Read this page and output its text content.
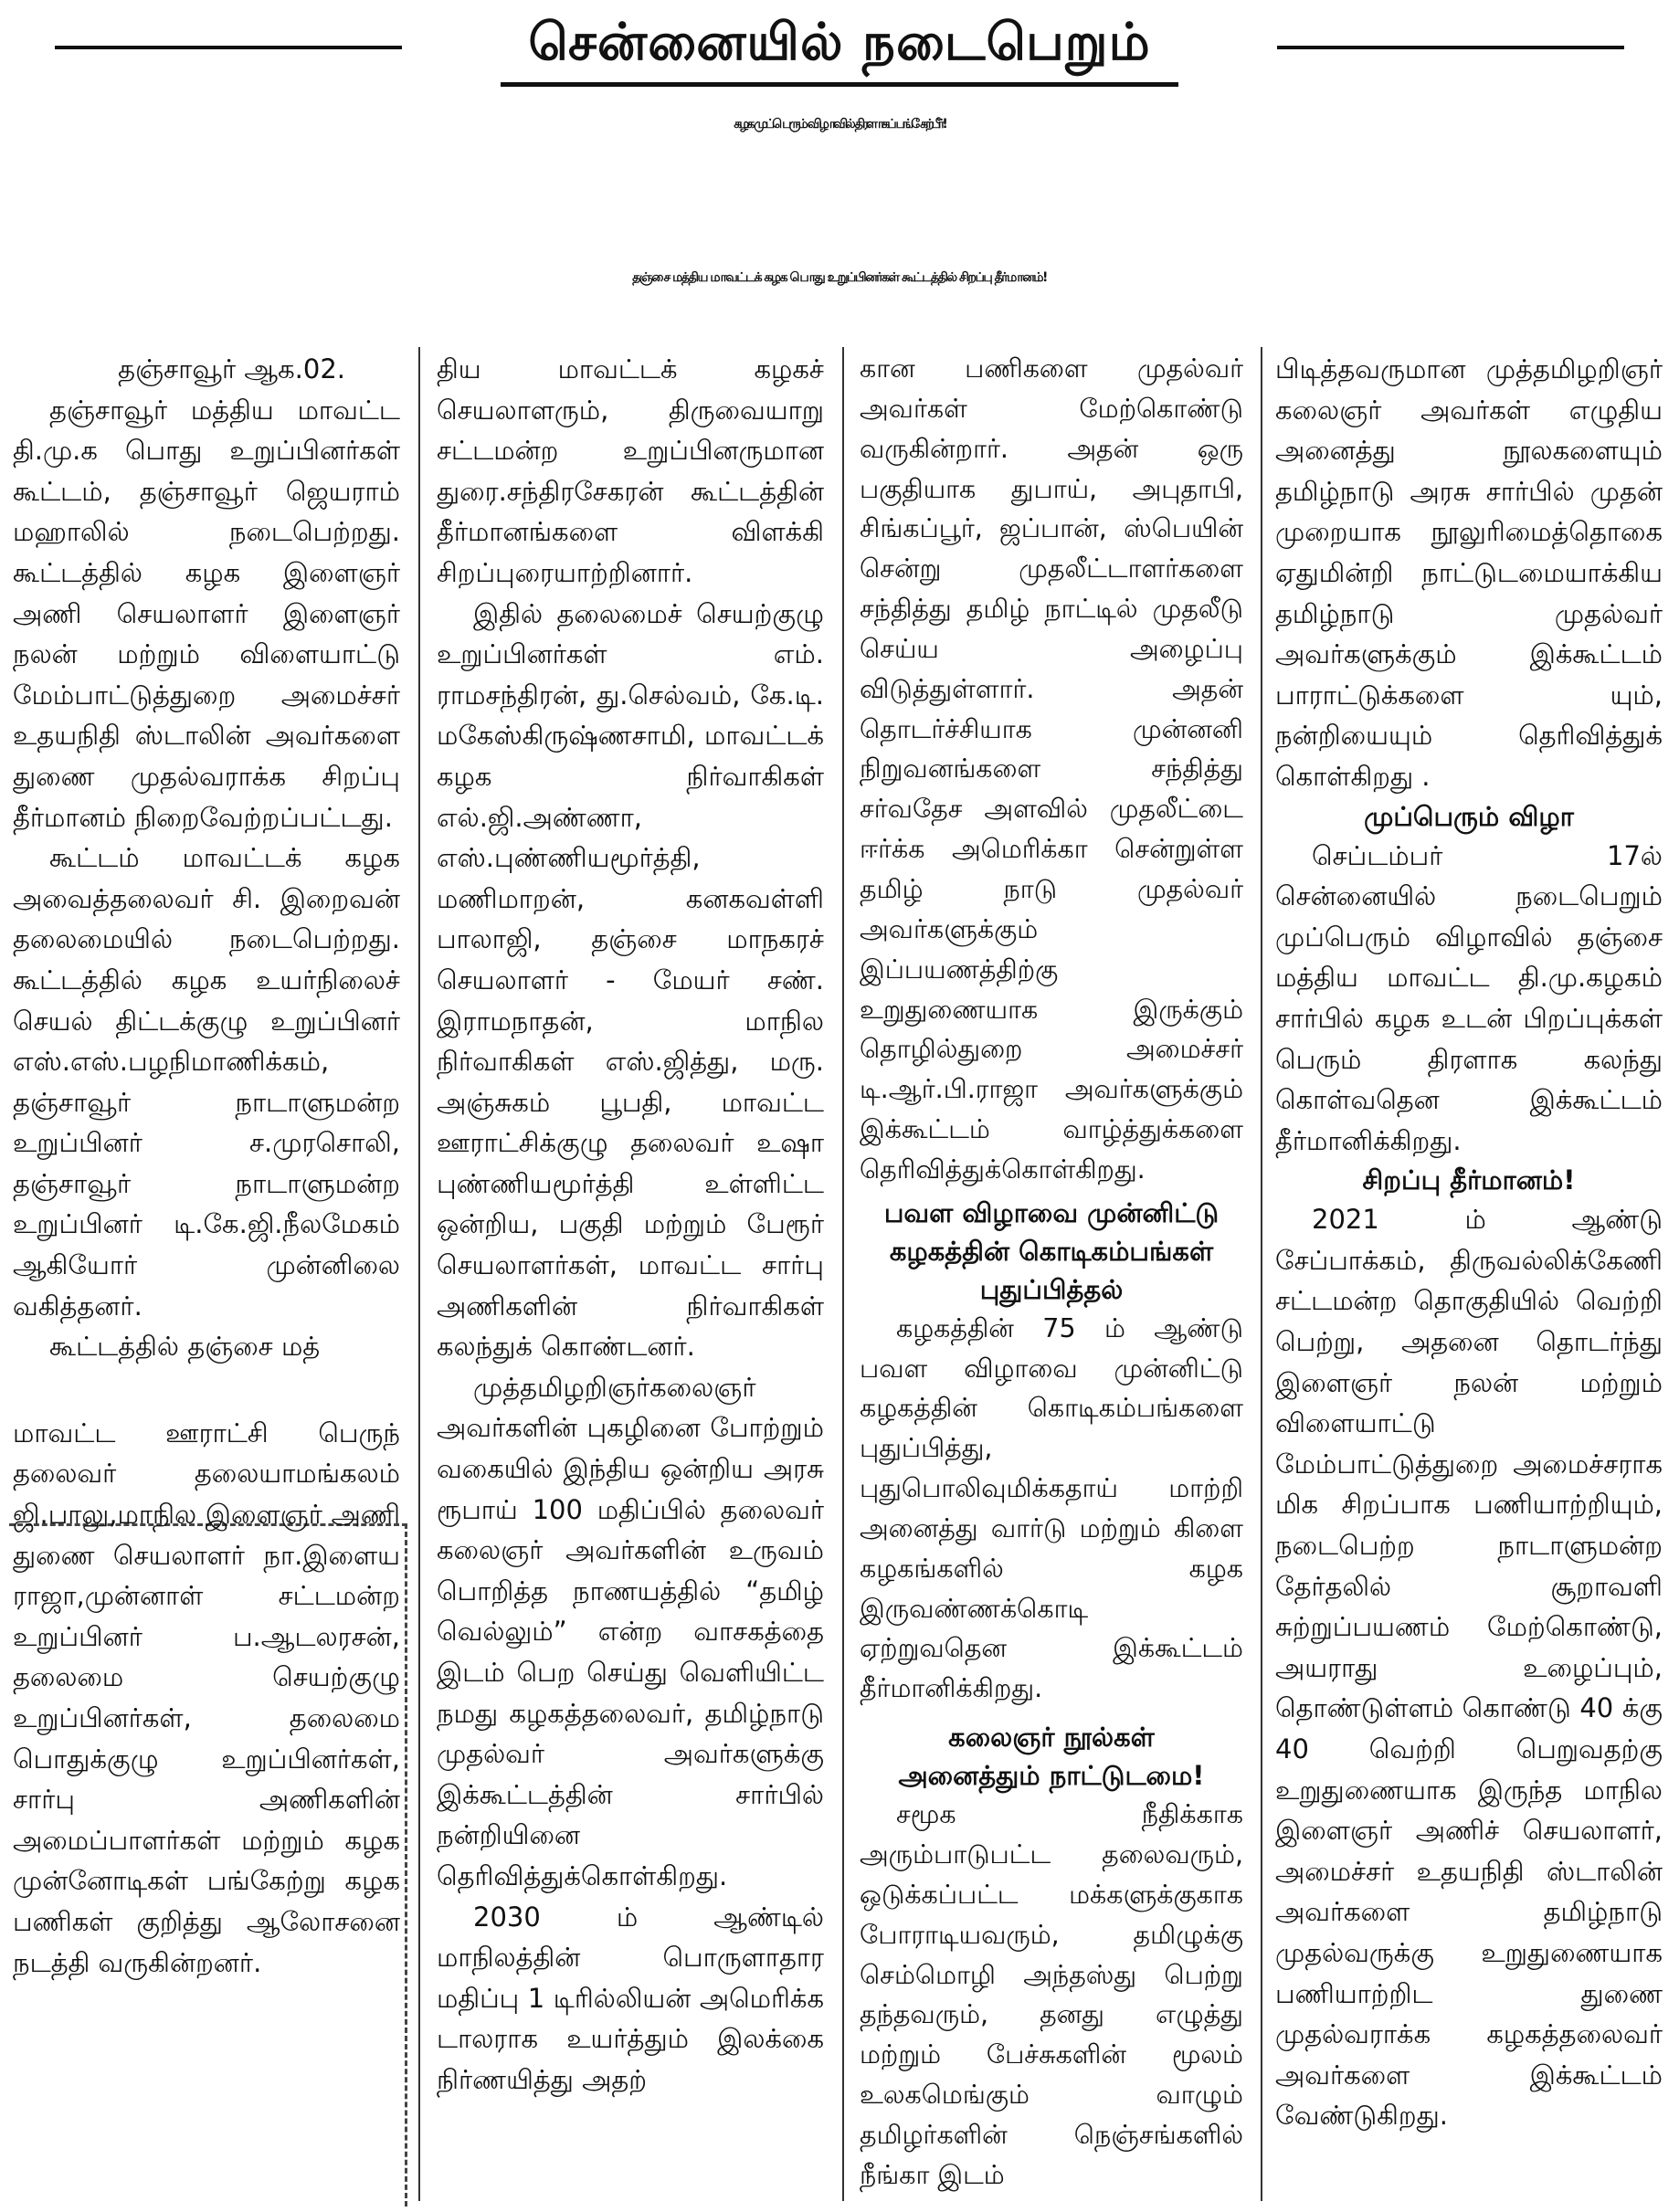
சென்னையில் நடைபெறும்
கழக முப்பெரும் விழாவில் திரளாகப் பங்கேற்பீர்!
தஞ்சை மத்திய மாவட்டக் கழக பொது உறுப்பினர்கள் கூட்டத்தில் சிறப்பு தீர்மானம்!

தஞ்சாவூர் ஆக.02.

தஞ்சாவூர் மத்திய மாவட்ட தி.மு.க பொது உறுப்பினர்கள் கூட்டம், தஞ்சாவூர் ஜெயராம் மஹாலில் நடைபெற்றது. கூட்டத்தில் கழக இளைஞர் அணி செயலாளர் இளைஞர் நலன் மற்றும் விளையாட்டு மேம்பாட்டுத்துறை அமைச்சர் உதயநிதி ஸ்டாலின் அவர்களை துணை முதல்வராக்க சிறப்பு தீர்மானம் நிறைவேற்றப்பட்டது.

கூட்டம் மாவட்டக் கழக அவைத்தலைவர் சி. இறைவன் தலைமையில் நடைபெற்றது. கூட்டத்தில் கழக உயர்நிலைச் செயல் திட்டக்குழு உறுப்பினர் எஸ்.எஸ்.பழநிமாணிக்கம், தஞ்சாவூர் நாடாளுமன்ற உறுப்பினர் ச.முரசொலி, தஞ்சாவூர் நாடாளுமன்ற உறுப்பினர் டி.கே.ஜி.நீலமேகம் ஆகியோர் முன்னிலை வகித்தனர்.

கூட்டத்தில் தஞ்சை மத்

மாவட்ட ஊராட்சி பெருந் தலைவர் தலையாமங்கலம் ஜி.பாலு,மாநில இளைஞர் அணி துணை செயலாளர் நா.இளைய ராஜா,முன்னாள் சட்டமன்ற உறுப்பினர் ப.ஆடலரசன், தலைமை செயற்குழு உறுப்பினர்கள், தலைமை பொதுக்குழு உறுப்பினர்கள், சார்பு அணிகளின் அமைப்பாளர்கள் மற்றும் கழக முன்னோடிகள் பங்கேற்று கழக பணிகள் குறித்து ஆலோசனை நடத்தி வருகின்றனர்.

திய மாவட்டக் கழகச் செயலாளரும், திருவையாறு சட்டமன்ற உறுப்பினருமான துரை.சந்திரசேகரன் கூட்டத்தின் தீர்மானங்களை விளக்கி சிறப்புரையாற்றினார்.

இதில் தலைமைச் செயற்குழு உறுப்பினர்கள் எம். ராமசந்திரன், து.செல்வம், கே.டி. மகேஸ்கிருஷ்ணசாமி, மாவட்டக் கழக நிர்வாகிகள் எல்.ஜி.அண்ணா, எஸ்.புண்ணியமூர்த்தி, மணிமாறன், கனகவள்ளி பாலாஜி, தஞ்சை மாநகரச் செயலாளர் - மேயர் சண். இராமநாதன், மாநில நிர்வாகிகள் எஸ்.ஜித்து, மரு. அஞ்சுகம் பூபதி, மாவட்ட ஊராட்சிக்குழு தலைவர் உஷா புண்ணியமூர்த்தி உள்ளிட்ட ஒன்றிய, பகுதி மற்றும் பேரூர் செயலாளர்கள், மாவட்ட சார்பு அணிகளின் நிர்வாகிகள் கலந்துக் கொண்டனர்.

முத்தமிழறிஞர்கலைஞர் அவர்களின் புகழினை போற்றும் வகையில் இந்திய ஒன்றிய அரசு ரூபாய் 100 மதிப்பில் தலைவர் கலைஞர் அவர்களின் உருவம் பொறித்த நாணயத்தில் “தமிழ் வெல்லும்” என்ற வாசகத்தை இடம் பெற செய்து வெளியிட்ட நமது கழகத்தலைவர், தமிழ்நாடு முதல்வர் அவர்களுக்கு இக்கூட்டத்தின் சார்பில் நன்றியினை தெரிவித்துக்கொள்கிறது.

2030 ம் ஆண்டில் மாநிலத்தின் பொருளாதார மதிப்பு 1 டிரில்லியன் அமெரிக்க டாலராக உயர்த்தும் இலக்கை நிர்ணயித்து அதற்

கான பணிகளை முதல்வர் அவர்கள் மேற்கொண்டு வருகின்றார். அதன் ஒரு பகுதியாக துபாய், அபுதாபி, சிங்கப்பூர், ஜப்பான், ஸ்பெயின் சென்று முதலீட்டாளர்களை சந்தித்து தமிழ் நாட்டில் முதலீடு செய்ய அழைப்பு விடுத்துள்ளார். அதன் தொடர்ச்சியாக முன்னனி நிறுவனங்களை சந்தித்து சர்வதேச அளவில் முதலீட்டை ஈர்க்க அமெரிக்கா சென்றுள்ள தமிழ் நாடு முதல்வர் அவர்களுக்கும் இப்பயணத்திற்கு உறுதுணையாக இருக்கும் தொழில்துறை அமைச்சர் டி.ஆர்.பி.ராஜா அவர்களுக்கும் இக்கூட்டம் வாழ்த்துக்களை தெரிவித்துக்கொள்கிறது.

பவள விழாவை முன்னிட்டு
கழகத்தின் கொடிகம்பங்கள்
புதுப்பித்தல்

கழகத்தின் 75 ம் ஆண்டு பவள விழாவை முன்னிட்டு கழகத்தின் கொடிகம்பங்களை புதுப்பித்து, புதுபொலிவுமிக்கதாய் மாற்றி அனைத்து வார்டு மற்றும் கிளை கழகங்களில் கழக இருவண்ணக்கொடி ஏற்றுவதென இக்கூட்டம் தீர்மானிக்கிறது.

கலைஞர் நூல்கள்
அனைத்தும் நாட்டுடமை!

சமூக நீதிக்காக அரும்பாடுபட்ட தலைவரும், ஒடுக்கப்பட்ட மக்களுக்குகாக போராடியவரும், தமிழுக்கு செம்மொழி அந்தஸ்து பெற்று தந்தவரும், தனது எழுத்து மற்றும் பேச்சுகளின் மூலம் உலகமெங்கும் வாழும் தமிழர்களின் நெஞ்சங்களில் நீங்கா இடம்

பிடித்தவருமான முத்தமிழறிஞர் கலைஞர் அவர்கள் எழுதிய அனைத்து நூலகளையும் தமிழ்நாடு அரசு சார்பில் முதன் முறையாக நூலுரிமைத்தொகை ஏதுமின்றி நாட்டுடமையாக்கிய தமிழ்நாடு முதல்வர் அவர்களுக்கும் இக்கூட்டம் பாராட்டுக்களை யும், நன்றியையும் தெரிவித்துக் கொள்கிறது .

முப்பெரும் விழா

செப்டம்பர் 17ல் சென்னையில் நடைபெறும் முப்பெரும் விழாவில் தஞ்சை மத்திய மாவட்ட தி.மு.கழகம் சார்பில் கழக உடன் பிறப்புக்கள் பெரும் திரளாக கலந்து கொள்வதென இக்கூட்டம் தீர்மானிக்கிறது.

சிறப்பு தீர்மானம்!

2021 ம் ஆண்டு சேப்பாக்கம், திருவல்லிக்கேணி சட்டமன்ற தொகுதியில் வெற்றி பெற்று, அதனை தொடர்ந்து இளைஞர் நலன் மற்றும் விளையாட்டு மேம்பாட்டுத்துறை அமைச்சராக மிக சிறப்பாக பணியாற்றியும், நடைபெற்ற நாடாளுமன்ற தேர்தலில் சூறாவளி சுற்றுப்பயணம் மேற்கொண்டு, அயராது உழைப்பும், தொண்டுள்ளம் கொண்டு 40 க்கு 40 வெற்றி பெறுவதற்கு உறுதுணையாக இருந்த மாநில இளைஞர் அணிச் செயலாளர், அமைச்சர் உதயநிதி ஸ்டாலின் அவர்களை தமிழ்நாடு முதல்வருக்கு உறுதுணையாக பணியாற்றிட துணை முதல்வராக்க கழகத்தலைவர் அவர்களை இக்கூட்டம் வேண்டுகிறது.
